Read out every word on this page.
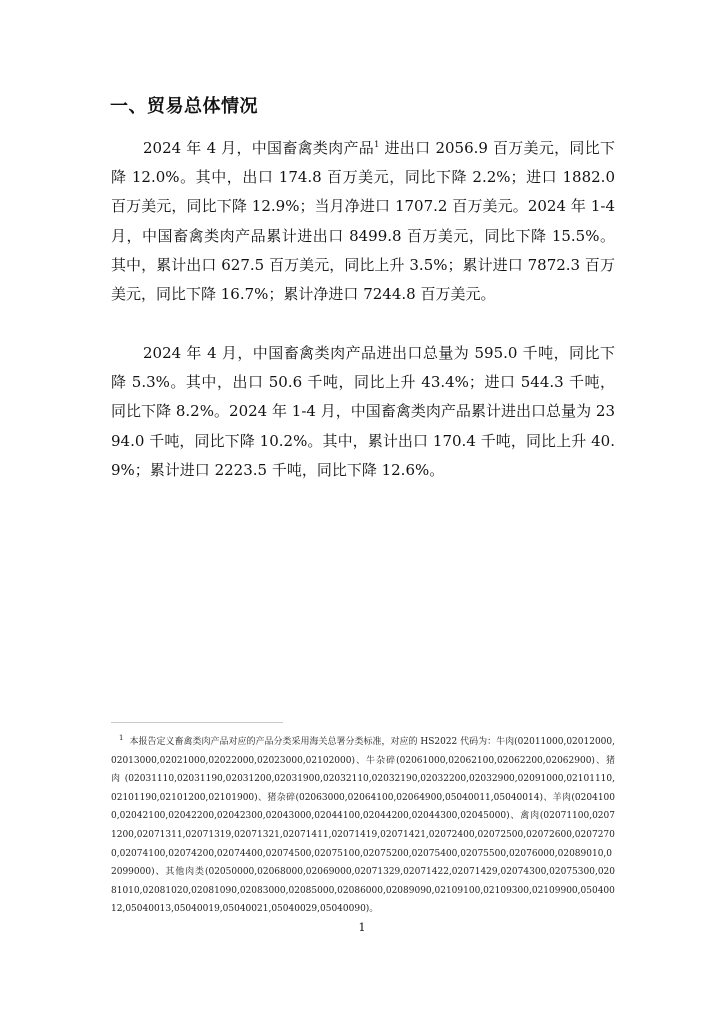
一、贸易总体情况

2024 年 4 月，中国畜禽类肉产品$^1$ 进出口 2056.9 百万美元，同比下降 12.0%。其中，出口 174.8 百万美元，同比下降 2.2%；进口 1882.0 百万美元，同比下降 12.9%；当月净进口 1707.2 百万美元。2024 年 1-4 月，中国畜禽类肉产品累计进出口 8499.8 百万美元，同比下降 15.5%。其中，累计出口 627.5 百万美元，同比上升 3.5%；累计进口 7872.3 百万美元，同比下降 16.7%；累计净进口 7244.8 百万美元。

2024 年 4 月，中国畜禽类肉产品进出口总量为 595.0 千吨，同比下降 5.3%。其中，出口 50.6 千吨，同比上升 43.4%；进口 544.3 千吨，同比下降 8.2%。2024 年 1-4 月，中国畜禽类肉产品累计进出口总量为 2394.0 千吨，同比下降 10.2%。其中，累计出口 170.4 千吨，同比上升 40.9%；累计进口 2223.5 千吨，同比下降 12.6%。

$^1$ 本报告定义畜禽类肉产品对应的产品分类采用海关总署分类标准，对应的 HS2022 代码为：牛肉(02011000,02012000,02013000,02021000,02022000,02023000,02102000)、牛杂碎(02061000,02062100,02062200,02062900)、猪肉(02031110,02031190,02031200,02031900,02032110,02032190,02032200,02032900,02091000,02101110,02101190,02101200,02101900)、猪杂碎(02063000,02064100,02064900,05040011,05040014)、羊肉(02041000,02042100,02042200,02042300,02043000,02044100,02044200,02044300,02045000)、禽肉(02071100,02071200,02071311,02071319,02071321,02071411,02071419,02071421,02072400,02072500,02072600,02072700,02074100,02074200,02074400,02074500,02075100,02075200,02075400,02075500,02076000,02089010,02099000)、其他肉类(02050000,02068000,02069000,02071329,02071422,02071429,02074300,02075300,02081010,02081020,02081090,02083000,02085000,02086000,02089090,02109100,02109300,02109900,05040012,05040013,05040019,05040021,05040029,05040090)。

1
